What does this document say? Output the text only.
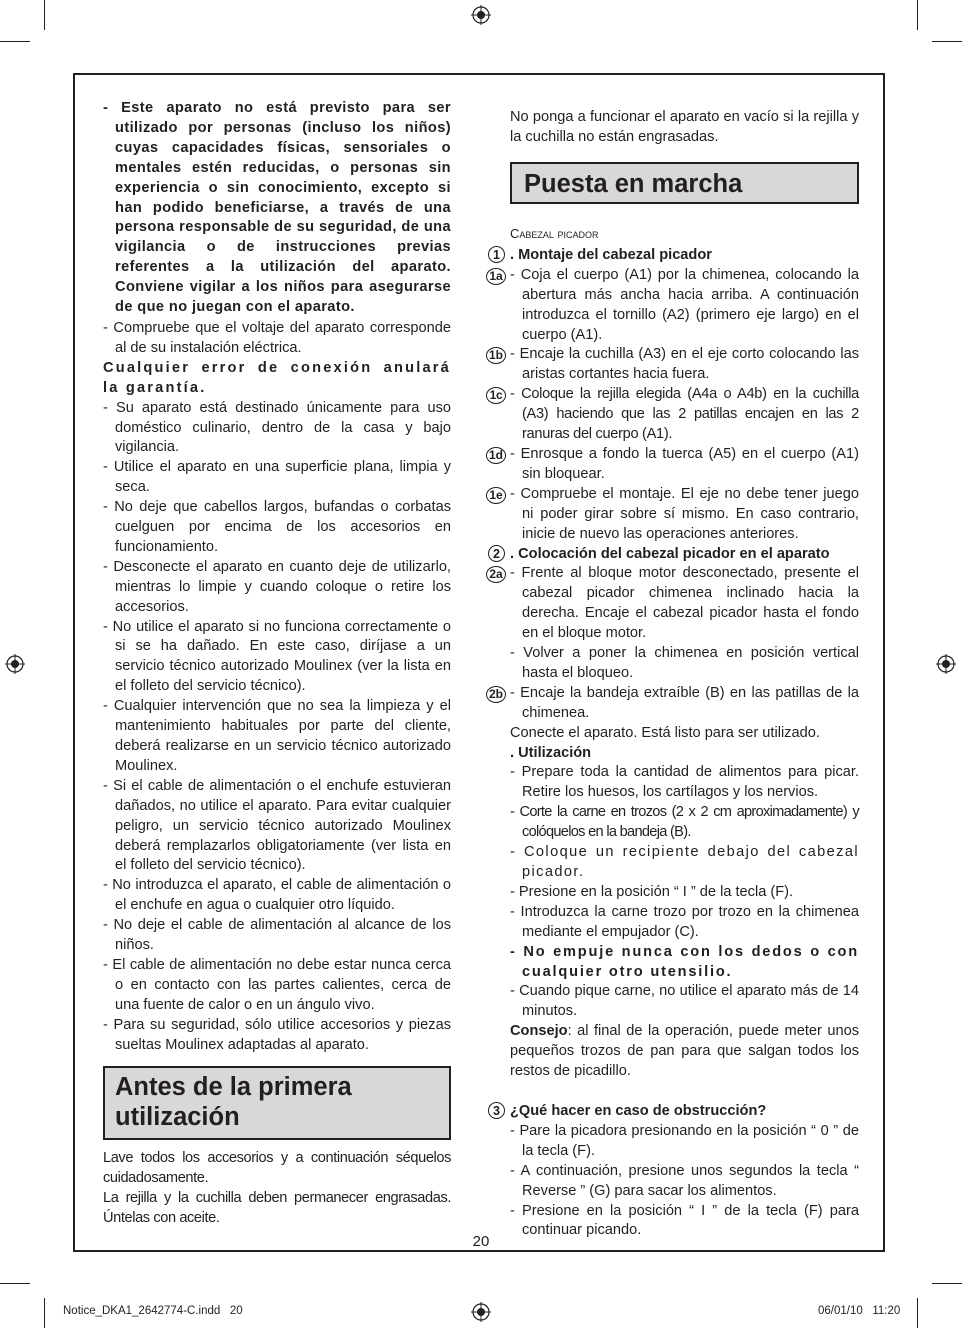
- Este aparato no está previsto para ser utilizado por personas (incluso los niños) cuyas capacidades físicas, sensoriales o mentales estén reducidas, o personas sin experiencia o sin conocimiento, excepto si han podido beneficiarse, a través de una persona responsable de su seguridad, de una vigilancia o de instrucciones previas referentes a la utilización del aparato. Conviene vigilar a los niños para asegurarse de que no juegan con el aparato.

- Compruebe que el voltaje del aparato corresponde al de su instalación eléctrica.

Cualquier error de conexión anulará la garantía.

- Su aparato está destinado únicamente para uso doméstico culinario, dentro de la casa y bajo vigilancia.

- Utilice el aparato en una superficie plana, limpia y seca.

- No deje que cabellos largos, bufandas o corbatas cuelguen por encima de los accesorios en funcionamiento.

- Desconecte el aparato en cuanto deje de utilizarlo, mientras lo limpie y cuando coloque o retire los accesorios.

- No utilice el aparato si no funciona correctamente o si se ha dañado. En este caso, diríjase a un servicio técnico autorizado Moulinex (ver la lista en el folleto del servicio técnico).

- Cualquier intervención que no sea la limpieza y el mantenimiento habituales por parte del cliente, deberá realizarse en un servicio técnico autorizado Moulinex.

- Si el cable de alimentación o el enchufe estuvieran dañados, no utilice el aparato. Para evitar cualquier peligro, un servicio técnico autorizado Moulinex deberá remplazarlos obligatoriamente (ver lista en el folleto del servicio técnico).

- No introduzca el aparato, el cable de alimentación o el enchufe en agua o cualquier otro líquido.

- No deje el cable de alimentación al alcance de los niños.

- El cable de alimentación no debe estar nunca cerca o en contacto con las partes calientes, cerca de una fuente de calor o en un ángulo vivo.

- Para su seguridad, sólo utilice accesorios y piezas sueltas Moulinex adaptadas al aparato.

Antes de la primera
utilización

Lave todos los accesorios y a continuación séquelos cuidadosamente.

La rejilla y la cuchilla deben permanecer engrasadas. Úntelas con aceite.

No ponga a funcionar el aparato en vacío si la rejilla y la cuchilla no están engrasadas.

Puesta en marcha

Cabezal picador

1 . Montaje del cabezal picador

1a - Coja el cuerpo (A1) por la chimenea, colocando la abertura más ancha hacia arriba. A continuación introduzca el tornillo (A2) (primero eje largo) en el cuerpo (A1).

1b - Encaje la cuchilla (A3) en el eje corto colocando las aristas cortantes hacia fuera.

1c - Coloque la rejilla elegida (A4a o A4b) en la cuchilla (A3) haciendo que las 2 patillas encajen en las 2 ranuras del cuerpo (A1).

1d - Enrosque a fondo la tuerca (A5) en el cuerpo (A1) sin bloquear.

1e - Compruebe el montaje. El eje no debe tener juego ni poder girar sobre sí mismo. En caso contrario, inicie de nuevo las operaciones anteriores.

2 . Colocación del cabezal picador en el aparato

2a - Frente al bloque motor desconectado, presente el cabezal picador chimenea inclinado hacia la derecha. Encaje el cabezal picador hasta el fondo en el bloque motor.

- Volver a poner la chimenea en posición vertical hasta el bloqueo.

2b - Encaje la bandeja extraíble (B) en las patillas de la chimenea.

Conecte el aparato. Está listo para ser utilizado.

. Utilización

- Prepare toda la cantidad de alimentos para picar. Retire los huesos, los cartílagos y los nervios.

- Corte la carne en trozos (2 x 2 cm aproximadamente) y colóquelos en la bandeja (B).

- Coloque un recipiente debajo del cabezal picador.

- Presione en la posición “ I ” de la tecla (F).

- Introduzca la carne trozo por trozo en la chimenea mediante el empujador (C).

- No empuje nunca con los dedos o con cualquier otro utensilio.

- Cuando pique carne, no utilice el aparato más de 14 minutos.

Consejo: al final de la operación, puede meter unos pequeños trozos de pan para que salgan todos los restos de picadillo.

3 ¿Qué hacer en caso de obstrucción?

- Pare la picadora presionando en la posición “ 0 ” de la tecla (F).

- A continuación, presione unos segundos la tecla “ Reverse ” (G) para sacar los alimentos.

- Presione en la posición “ I ” de la tecla (F) para continuar picando.

20
Notice_DKA1_2642774-C.indd   20	06/01/10   11:20
